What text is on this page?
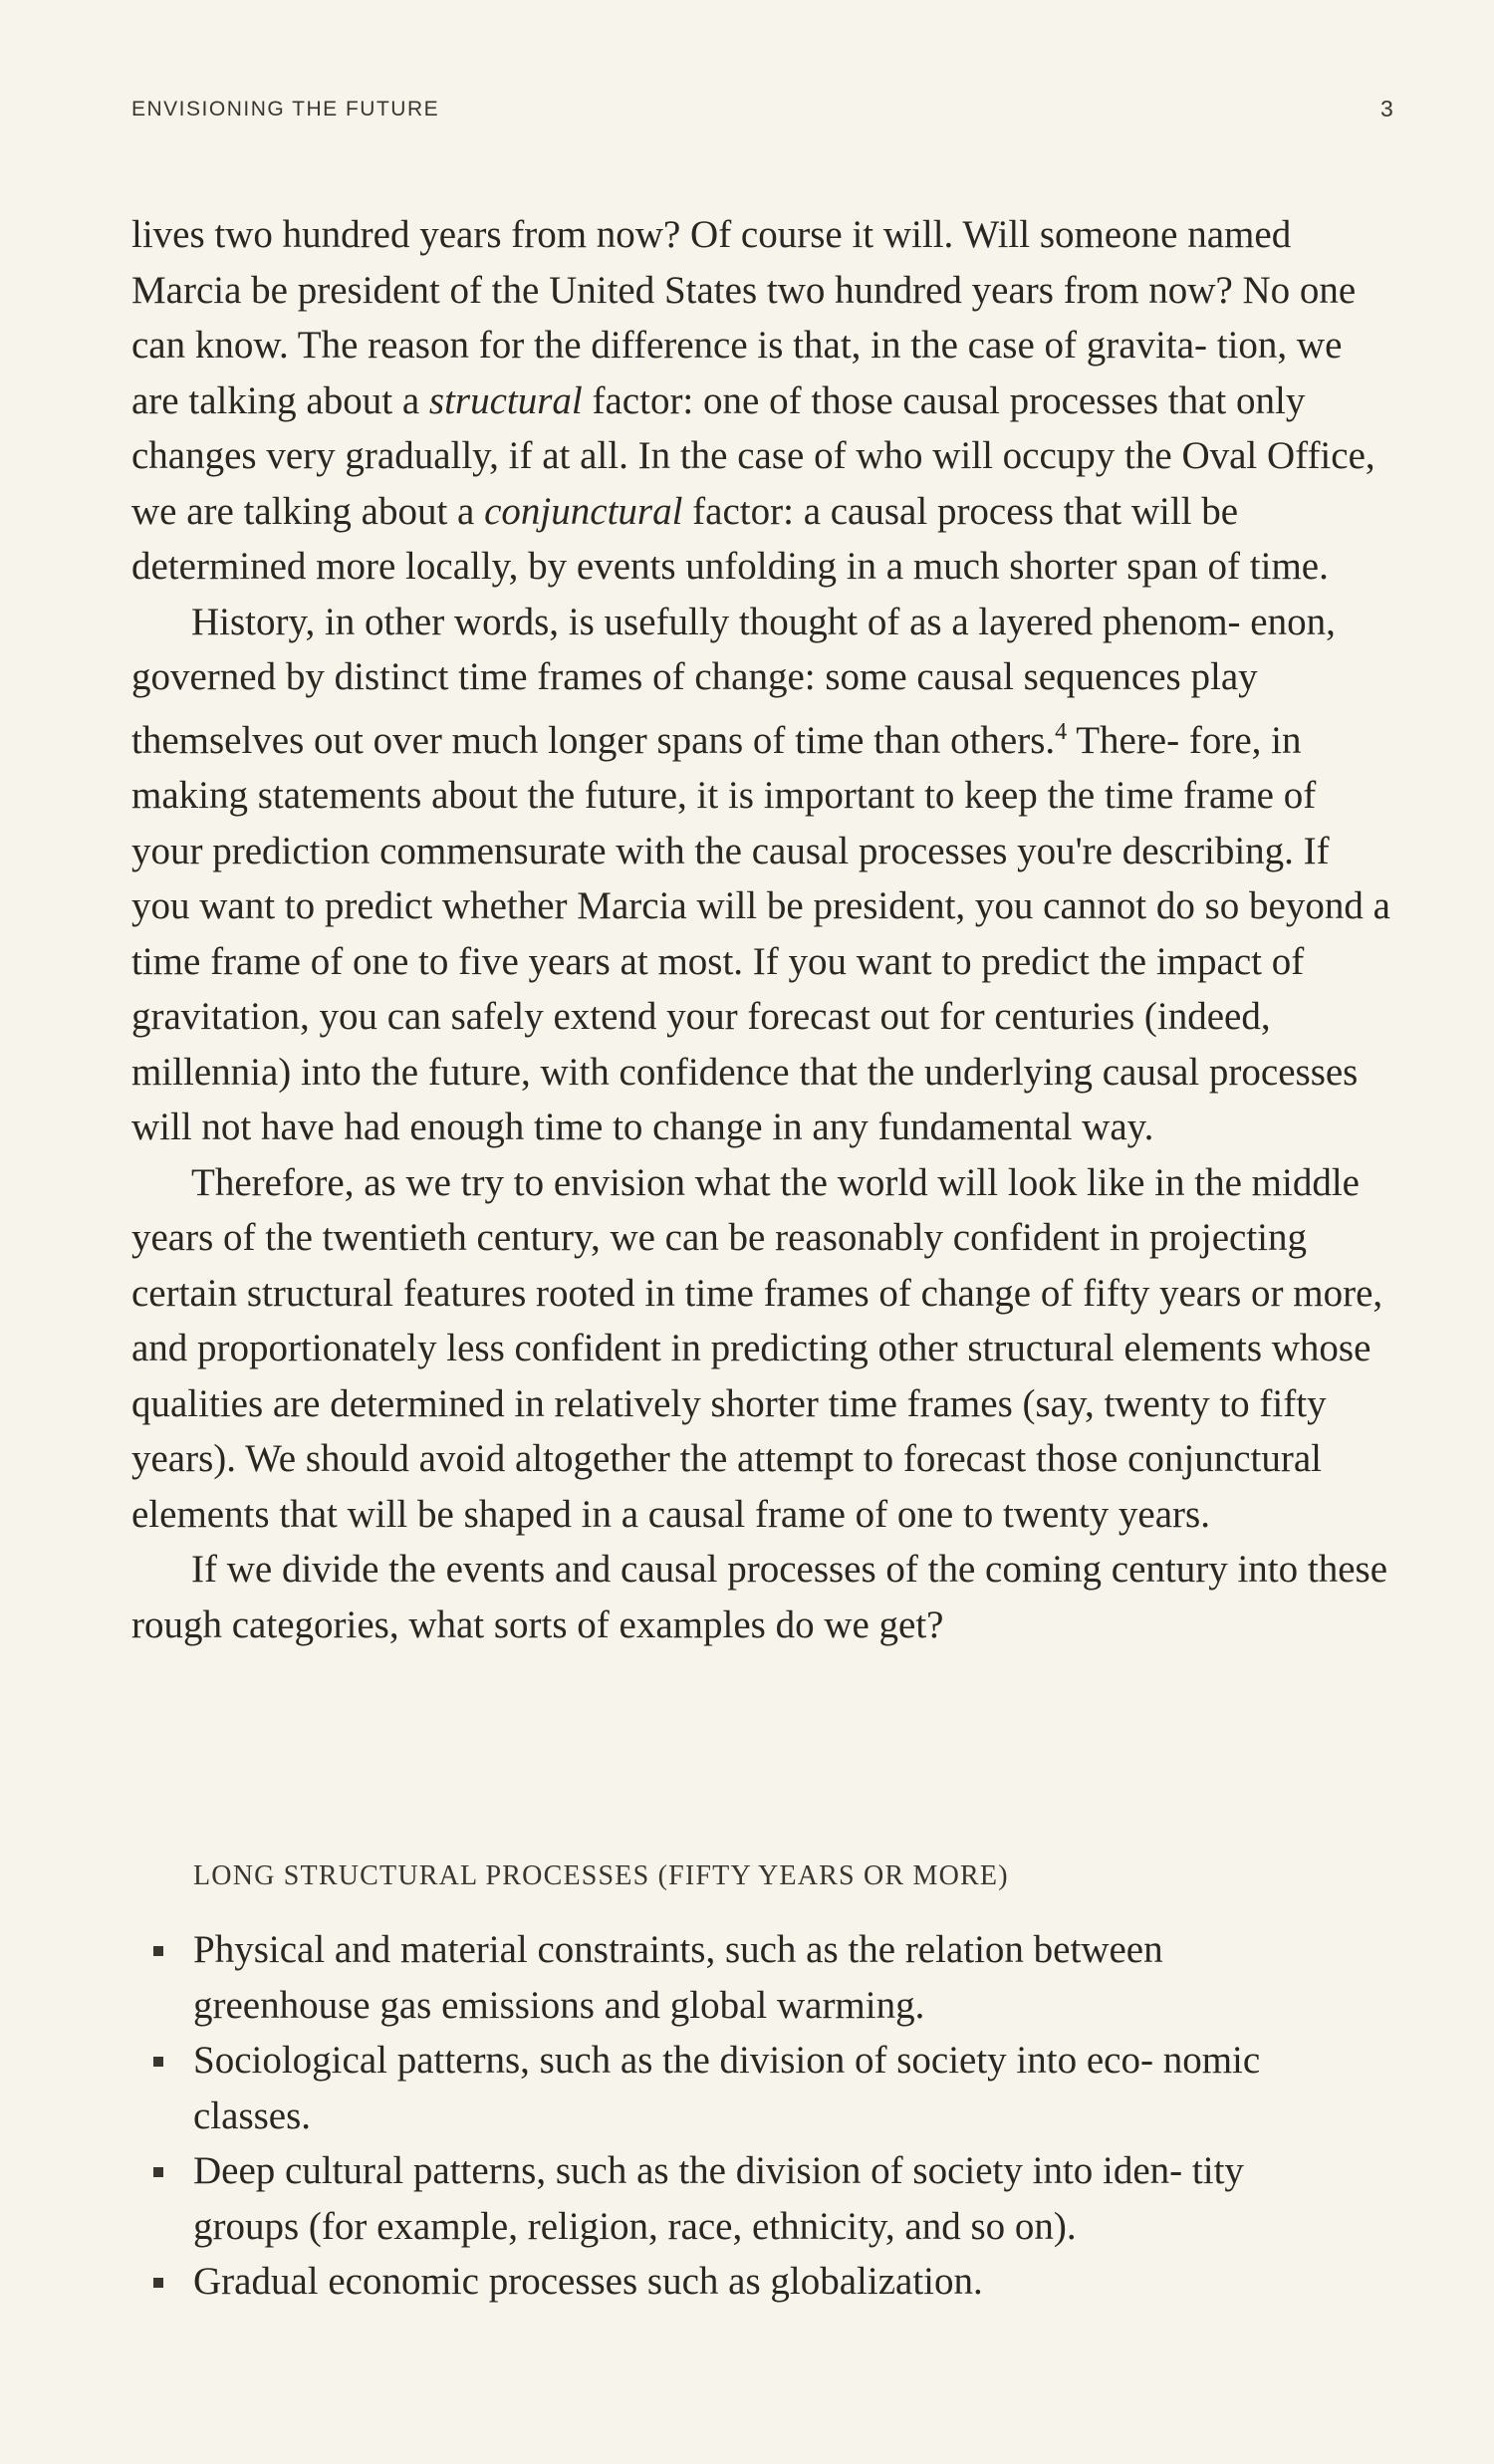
ENVISIONING THE FUTURE	3

lives two hundred years from now? Of course it will. Will someone named Marcia be president of the United States two hundred years from now? No one can know. The reason for the difference is that, in the case of gravita- tion, we are talking about a structural factor: one of those causal processes that only changes very gradually, if at all. In the case of who will occupy the Oval Office, we are talking about a conjunctural factor: a causal process that will be determined more locally, by events unfolding in a much shorter span of time.

History, in other words, is usefully thought of as a layered phenom- enon, governed by distinct time frames of change: some causal sequences play themselves out over much longer spans of time than others.$^4$ There- fore, in making statements about the future, it is important to keep the time frame of your prediction commensurate with the causal processes you're describing. If you want to predict whether Marcia will be president, you cannot do so beyond a time frame of one to five years at most. If you want to predict the impact of gravitation, you can safely extend your forecast out for centuries (indeed, millennia) into the future, with confidence that the underlying causal processes will not have had enough time to change in any fundamental way.

Therefore, as we try to envision what the world will look like in the middle years of the twentieth century, we can be reasonably confident in projecting certain structural features rooted in time frames of change of fifty years or more, and proportionately less confident in predicting other structural elements whose qualities are determined in relatively shorter time frames (say, twenty to fifty years). We should avoid altogether the attempt to forecast those conjunctural elements that will be shaped in a causal frame of one to twenty years.

If we divide the events and causal processes of the coming century into these rough categories, what sorts of examples do we get?

LONG STRUCTURAL PROCESSES (FIFTY YEARS OR MORE)
Physical and material constraints, such as the relation between greenhouse gas emissions and global warming.
Sociological patterns, such as the division of society into eco- nomic classes.
Deep cultural patterns, such as the division of society into iden- tity groups (for example, religion, race, ethnicity, and so on).
Gradual economic processes such as globalization.
